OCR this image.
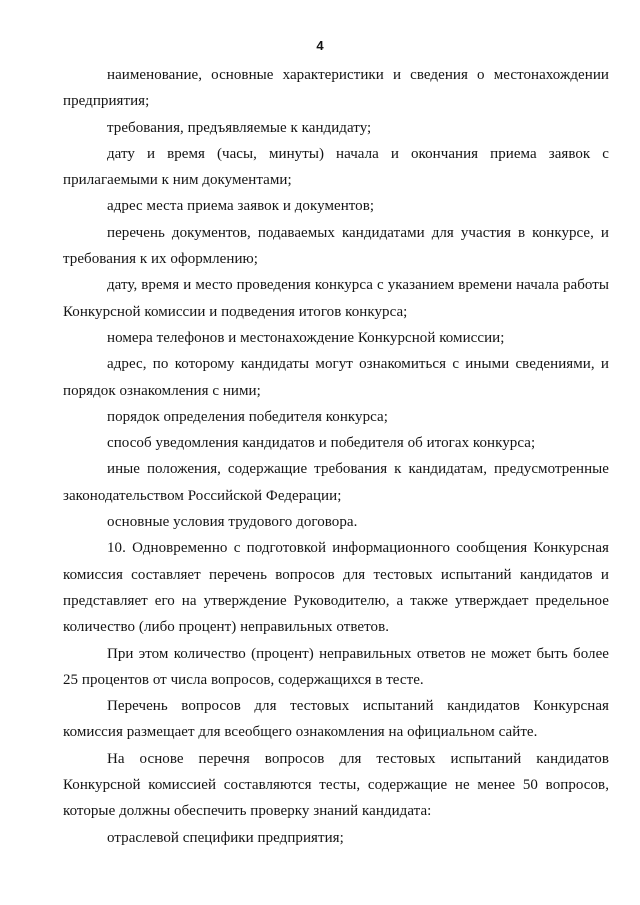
4

наименование, основные характеристики и сведения о местонахождении предприятия;

требования, предъявляемые к кандидату;

дату и время (часы, минуты) начала и окончания приема заявок с прилагаемыми к ним документами;

адрес места приема заявок и документов;

перечень документов, подаваемых кандидатами для участия в конкурсе, и требования к их оформлению;

дату, время и место проведения конкурса с указанием времени начала работы Конкурсной комиссии и подведения итогов конкурса;

номера телефонов и местонахождение Конкурсной комиссии;

адрес, по которому кандидаты могут ознакомиться с иными сведениями, и порядок ознакомления с ними;

порядок определения победителя конкурса;

способ уведомления кандидатов и победителя об итогах конкурса;

иные положения, содержащие требования к кандидатам, предусмотренные законодательством Российской Федерации;

основные условия трудового договора.

10. Одновременно с подготовкой информационного сообщения Конкурсная комиссия составляет перечень вопросов для тестовых испытаний кандидатов и представляет его на утверждение Руководителю, а также утверждает предельное количество (либо процент) неправильных ответов.

При этом количество (процент) неправильных ответов не может быть более 25 процентов от числа вопросов, содержащихся в тесте.

Перечень вопросов для тестовых испытаний кандидатов Конкурсная комиссия размещает для всеобщего ознакомления на официальном сайте.

На основе перечня вопросов для тестовых испытаний кандидатов Конкурсной комиссией составляются тесты, содержащие не менее 50 вопросов, которые должны обеспечить проверку знаний кандидата:

отраслевой специфики предприятия;
